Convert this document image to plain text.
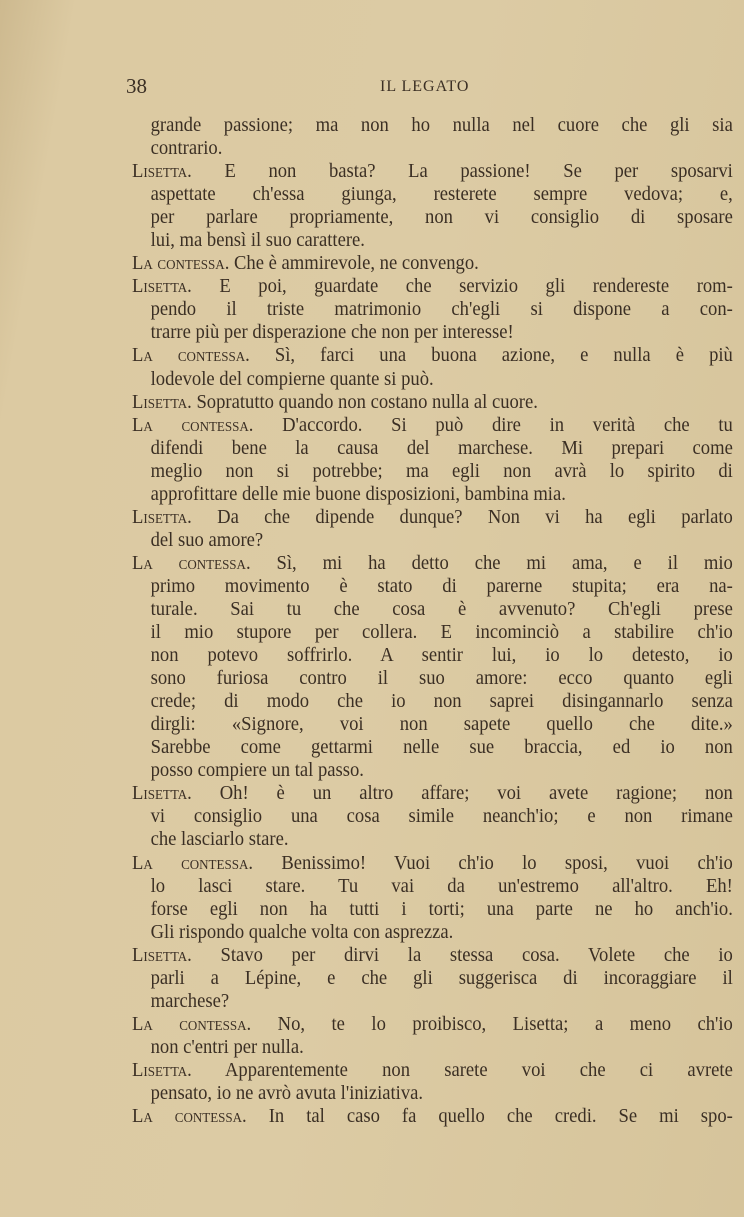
38	IL LEGATO
grande passione; ma non ho nulla nel cuore che gli sia
contrario.
Lisetta. E non basta? La passione! Se per sposarvi
aspettate ch'essa giunga, resterete sempre vedova; e,
per parlare propriamente, non vi consiglio di sposare
lui, ma bensì il suo carattere.
La contessa. Che è ammirevole, ne convengo.
Lisetta. E poi, guardate che servizio gli rendereste rom-
pendo il triste matrimonio ch'egli si dispone a con-
trarre più per disperazione che non per interesse!
La contessa. Sì, farci una buona azione, e nulla è più
lodevole del compierne quante si può.
Lisetta. Sopratutto quando non costano nulla al cuore.
La contessa. D'accordo. Si può dire in verità che tu
difendi bene la causa del marchese. Mi prepari come
meglio non si potrebbe; ma egli non avrà lo spirito di
approfittare delle mie buone disposizioni, bambina mia.
Lisetta. Da che dipende dunque? Non vi ha egli parlato
del suo amore?
La contessa. Sì, mi ha detto che mi ama, e il mio
primo movimento è stato di parerne stupita; era na-
turale. Sai tu che cosa è avvenuto? Ch'egli prese
il mio stupore per collera. E incominciò a stabilire ch'io
non potevo soffrirlo. A sentir lui, io lo detesto, io
sono furiosa contro il suo amore: ecco quanto egli
crede; di modo che io non saprei disingannarlo senza
dirgli: «Signore, voi non sapete quello che dite.»
Sarebbe come gettarmi nelle sue braccia, ed io non
posso compiere un tal passo.
Lisetta. Oh! è un altro affare; voi avete ragione; non
vi consiglio una cosa simile neanch'io; e non rimane
che lasciarlo stare.
La contessa. Benissimo! Vuoi ch'io lo sposi, vuoi ch'io
lo lasci stare. Tu vai da un'estremo all'altro. Eh!
forse egli non ha tutti i torti; una parte ne ho anch'io.
Gli rispondo qualche volta con asprezza.
Lisetta. Stavo per dirvi la stessa cosa. Volete che io
parli a Lépine, e che gli suggerisca di incoraggiare il
marchese?
La contessa. No, te lo proibisco, Lisetta; a meno ch'io
non c'entri per nulla.
Lisetta. Apparentemente non sarete voi che ci avrete
pensato, io ne avrò avuta l'iniziativa.
La contessa. In tal caso fa quello che credi. Se mi spo-
